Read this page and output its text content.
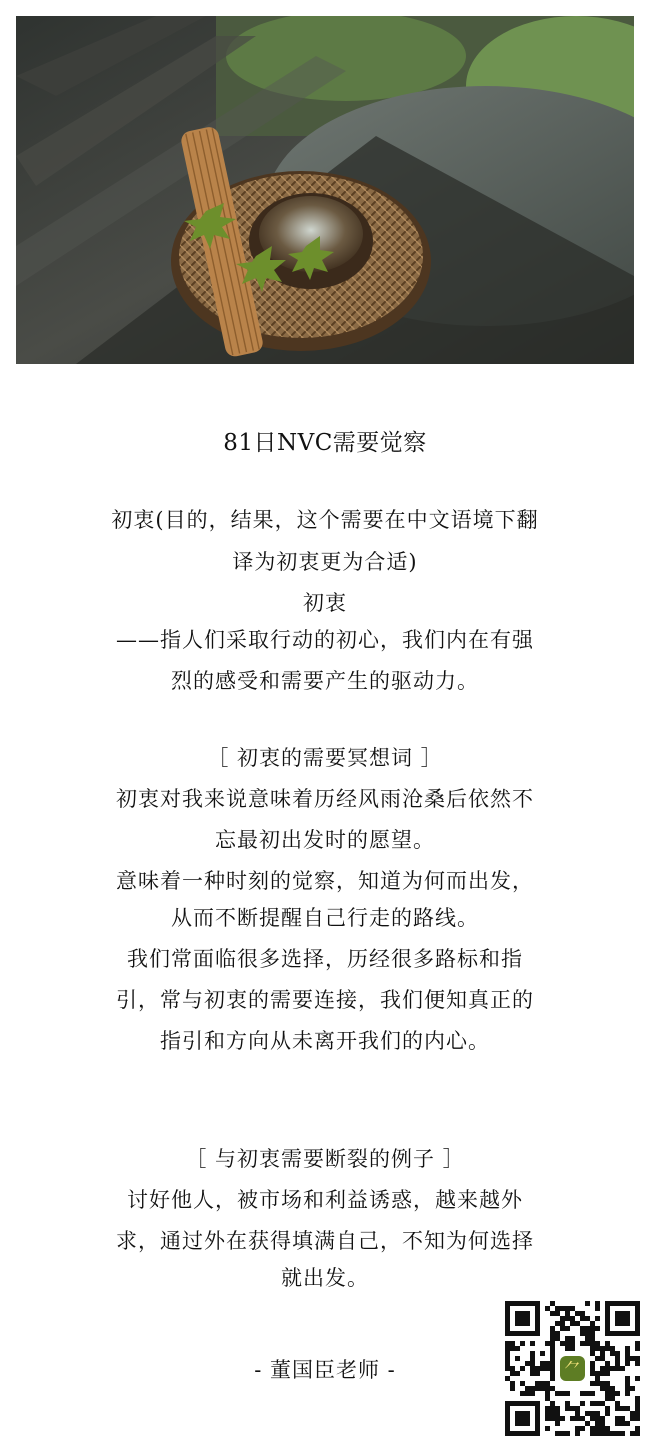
81日NVC需要觉察
初衷(目的，结果，这个需要在中文语境下翻
译为初衷更为合适)
初衷
——指人们采取行动的初心，我们内在有强
烈的感受和需要产生的驱动力。
［ 初衷的需要冥想词 ］
初衷对我来说意味着历经风雨沧桑后依然不
忘最初出发时的愿望。
意味着一种时刻的觉察，知道为何而出发，
从而不断提醒自己行走的路线。
我们常面临很多选择，历经很多路标和指
引，常与初衷的需要连接，我们便知真正的
指引和方向从未离开我们的内心。
［ 与初衷需要断裂的例子 ］
讨好他人，被市场和利益诱惑，越来越外
求，通过外在获得填满自己，不知为何选择
就出发。
- 董国臣老师 -	⺈
